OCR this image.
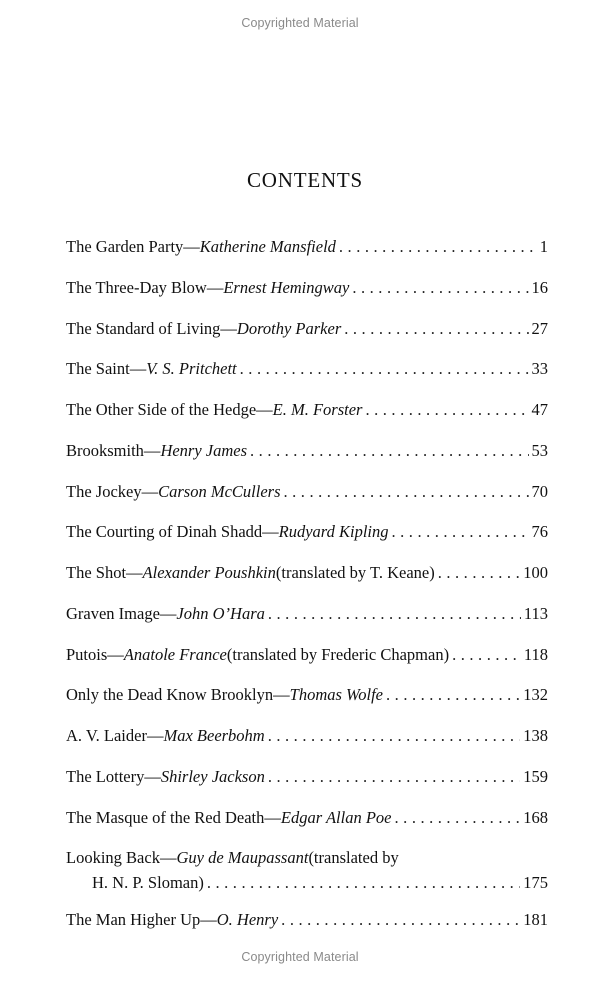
Copyrighted Material
CONTENTS
The Garden Party— Katherine Mansfield . . .	1
The Three-Day Blow— Ernest Hemingway . . .	16
The Standard of Living— Dorothy Parker . . .	27
The Saint— V. S. Pritchett . . .	33
The Other Side of the Hedge— E. M. Forster . . .	47
Brooksmith— Henry James . . .	53
The Jockey— Carson McCullers . . .	70
The Courting of Dinah Shadd— Rudyard Kipling . . .	76
The Shot— Alexander Poushkin (translated by T. Keane) . . .	100
Graven Image— John O’Hara . . .	113
Putois— Anatole France (translated by Frederic Chapman) . . .	118
Only the Dead Know Brooklyn— Thomas Wolfe . . .	132
A. V. Laider— Max Beerbohm . . .	138
The Lottery— Shirley Jackson . . .	159
The Masque of the Red Death— Edgar Allan Poe . . .	168
Looking Back— Guy de Maupassant (translated by
H. N. P. Sloman) . . .	175
The Man Higher Up— O. Henry . . .	181
Copyrighted Material
